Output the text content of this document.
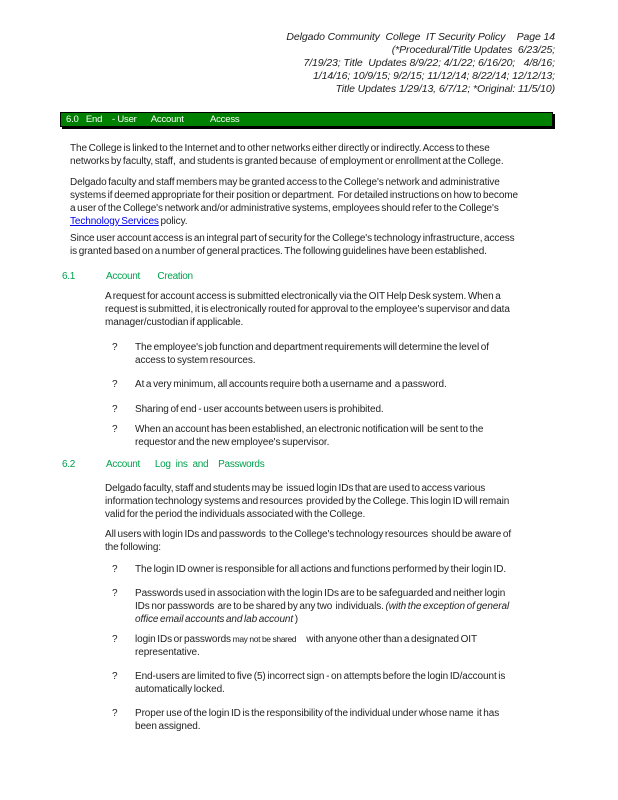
Delgado Community  College  IT Security Policy    Page 14
(*Procedural/Title Updates  6/23/25;
7/19/23; Title  Updates 8/9/22; 4/1/22; 6/16/20;   4/8/16;
1/14/16; 10/9/15; 9/2/15; 11/12/14; 8/22/14; 12/12/13;
Title Updates 1/29/13, 6/7/12; *Original: 11/5/10)
6.0   End    - User      Account           Access
The College is linked to the Internet and to other networks either directly or indirectly. Access to these
networks by faculty, staff,  and students is granted because  of employment or enrollment at the College.
Delgado faculty and staff members may be granted access to the College's network and administrative
systems if deemed appropriate for their position or department.  For detailed instructions on how to become
a user of the College's network and/or administrative systems, employees should refer to the College's
Technology Services policy.
Since user account access is an integral part of security for the College's technology infrastructure, access
is granted based on a number of general practices. The following guidelines have been established.
6.1	Account       Creation
A request for account access is submitted electronically via the OIT Help Desk system. When a
request is submitted, it is electronically routed for approval to the employee's supervisor and data
manager/custodian if applicable.
?	The employee's job function and department requirements will determine the level of
access to system resources.
?	At a very minimum, all accounts require both a username and  a password.
?	Sharing of end - user accounts between users is prohibited.
?	When an account has been established, an electronic notification will  be sent to the
requestor and the new employee's supervisor.
6.2	Account      Log  ins  and    Passwords
Delgado faculty, staff and students may be  issued login IDs that are used to access various
information technology systems and resources  provided by the College. This login ID will remain
valid for the period the individuals associated with the College.
All users with login IDs and passwords  to the College's technology resources  should be aware of
the following:
?	The login ID owner is responsible for all actions and functions performed by their login ID.
?	Passwords used in association with the login IDs are to be safeguarded and neither login
IDs nor passwords  are to be shared by any two  individuals. (with the exception of general
office email accounts and lab account )
?	login IDs or passwords may  not  be  shared      with anyone other than a designated OIT
representative.
?	End-users are limited to five (5) incorrect sign - on attempts before the login ID/account is
automatically locked.
?	Proper use of the login ID is the responsibility of the individual under whose name  it has
been assigned.
